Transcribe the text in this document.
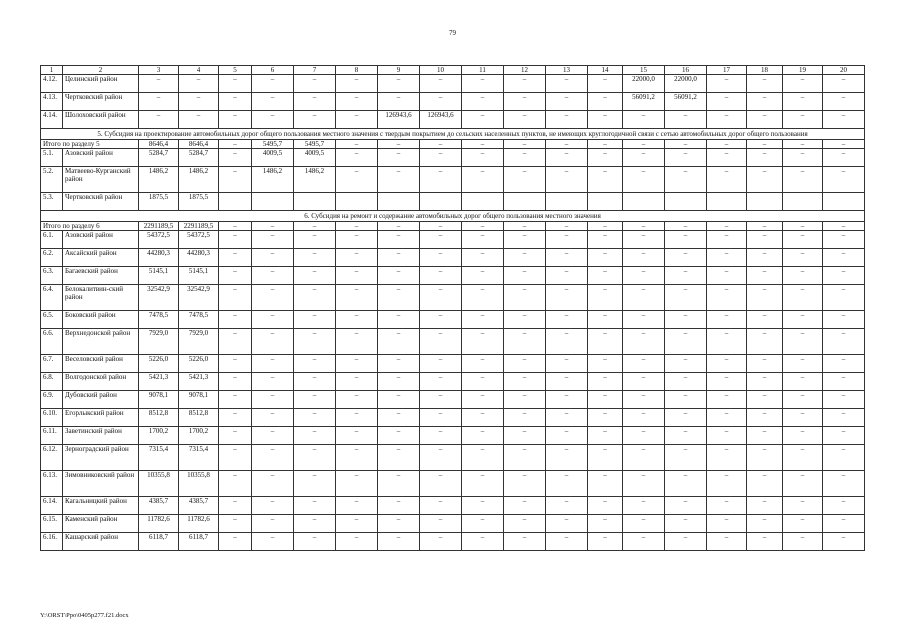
79
1	2	3	4	5	6	7	8	9	10	11	12	13	14	15	16	17	18	19	20
4.12.	Целинский район	–	–	–	–	–	–	–	–	–	–	–	–	22000,0	22000,0	–	–	–	–
4.13.	Чертковский район	–	–	–	–	–	–	–	–	–	–	–	–	56091,2	56091,2	–	–	–	–
4.14.	Шолоховский район	–	–	–	–	–	–	126943,6	126943,6	–	–	–	–	–	–	–	–	–	–
5. Субсидия на проектирование автомобильных дорог общего пользования местного значения с твердым покрытием до сельских населенных пунктов, не имеющих круглогодичной связи с сетью автомобильных дорог общего пользования																			
Итого по разделу 5		8646,4	8646,4	–	5495,7	5495,7	–	–	–	–	–	–	–	–	–	–	–	–	–
5.1.	Азовский район	5284,7	5284,7	–	4009,5	4009,5	–	–	–	–	–	–	–	–	–	–	–	–	–
5.2.	Матвеево-Курганский район	1486,2	1486,2	–	1486,2	1486,2	–	–	–	–	–	–	–	–	–	–	–	–	–
5.3.	Чертковский район	1875,5	1875,5																
6. Субсидия на ремонт и содержание автомобильных дорог общего пользования местного значения																			
Итого по разделу 6		2291189,5	2291189,5	–	–	–	–	–	–	–	–	–	–	–	–	–	–	–	–
6.1.	Азовский район	54372,5	54372,5	–	–	–	–	–	–	–	–	–	–	–	–	–	–	–	–
6.2.	Аксайский район	44280,3	44280,3	–	–	–	–	–	–	–	–	–	–	–	–	–	–	–	–
6.3.	Багаевский район	5145,1	5145,1	–	–	–	–	–	–	–	–	–	–	–	–	–	–	–	–
6.4.	Белокалитвин-ский район	32542,9	32542,9	–	–	–	–	–	–	–	–	–	–	–	–	–	–	–	–
6.5.	Боковский район	7478,5	7478,5	–	–	–	–	–	–	–	–	–	–	–	–	–	–	–	–
6.6.	Верхнедонской район	7929,0	7929,0	–	–	–	–	–	–	–	–	–	–	–	–	–	–	–	–
6.7.	Веселовский район	5226,0	5226,0	–	–	–	–	–	–	–	–	–	–	–	–	–	–	–	–
6.8.	Волгодонской район	5421,3	5421,3	–	–	–	–	–	–	–	–	–	–	–	–	–	–	–	–
6.9.	Дубовский район	9078,1	9078,1	–	–	–	–	–	–	–	–	–	–	–	–	–	–	–	–
6.10.	Егорлыкский район	8512,8	8512,8	–	–	–	–	–	–	–	–	–	–	–	–	–	–	–	–
6.11.	Заветинский район	1700,2	1700,2	–	–	–	–	–	–	–	–	–	–	–	–	–	–	–	–
6.12.	Зерноградский район	7315,4	7315,4	–	–	–	–	–	–	–	–	–	–	–	–	–	–	–	–
6.13.	Зимовниковский район	10355,8	10355,8	–	–	–	–	–	–	–	–	–	–	–	–	–	–	–	–
6.14.	Кагальницкий район	4385,7	4385,7	–	–	–	–	–	–	–	–	–	–	–	–	–	–	–	–
6.15.	Каменский район	11782,6	11782,6	–	–	–	–	–	–	–	–	–	–	–	–	–	–	–	–
6.16.	Кашарский район	6118,7	6118,7	–	–	–	–	–	–	–	–	–	–	–	–	–	–	–	–
Y:\ORST\Ppo\0405p277.f21.docx
